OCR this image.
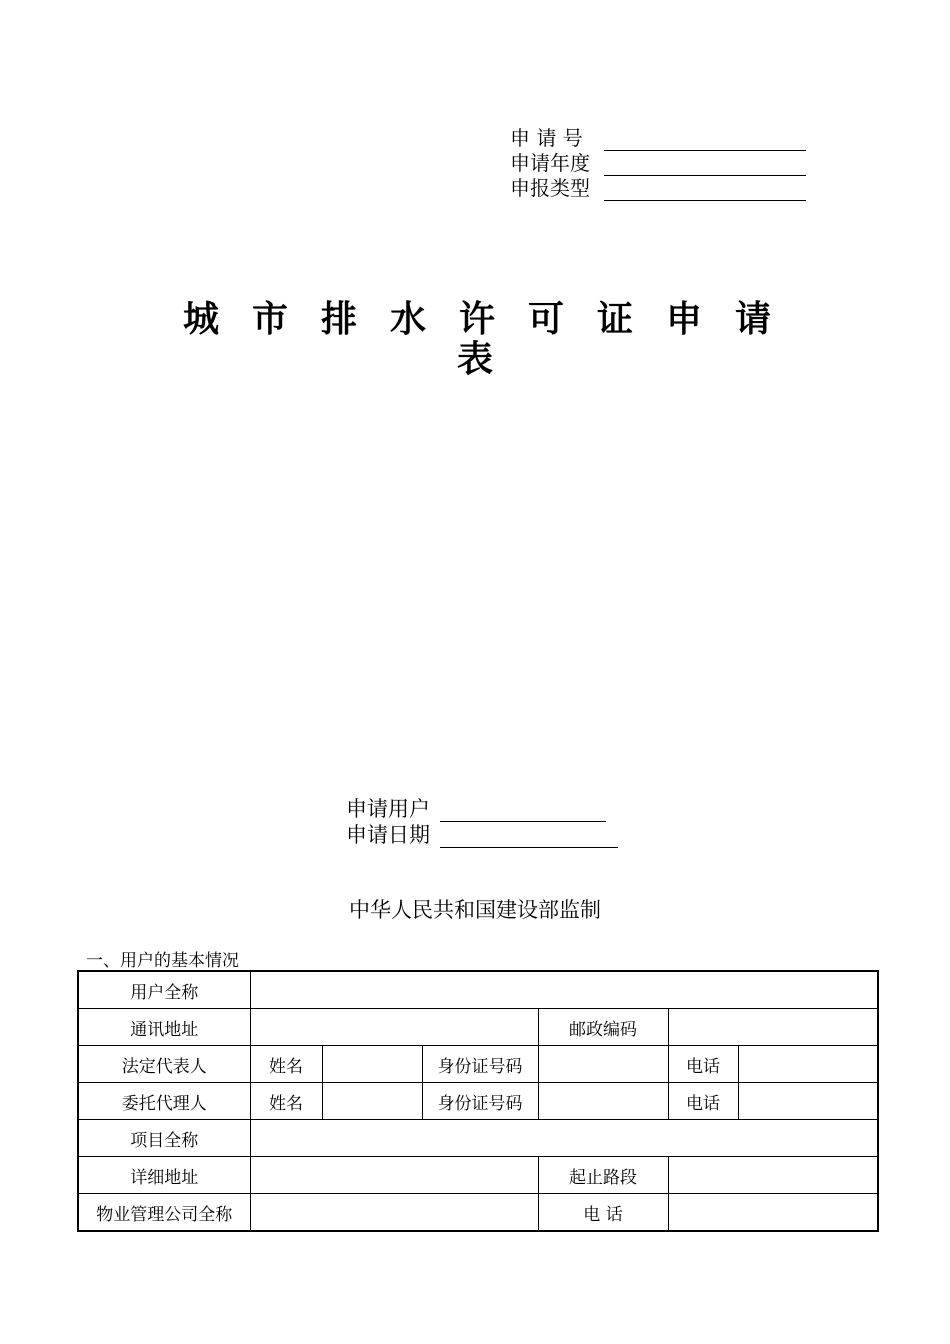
申 请 号
申请年度
申报类型
城市排水许可证申请
表
申请用户
申请日期
中华人民共和国建设部监制
一、用户的基本情况
用户全称						
通讯地址				邮政编码		
法定代表人	姓名		身份证号码		电话	
委托代理人	姓名		身份证号码		电话	
项目全称						
详细地址				起止路段		
物业管理公司全称				电 话		
